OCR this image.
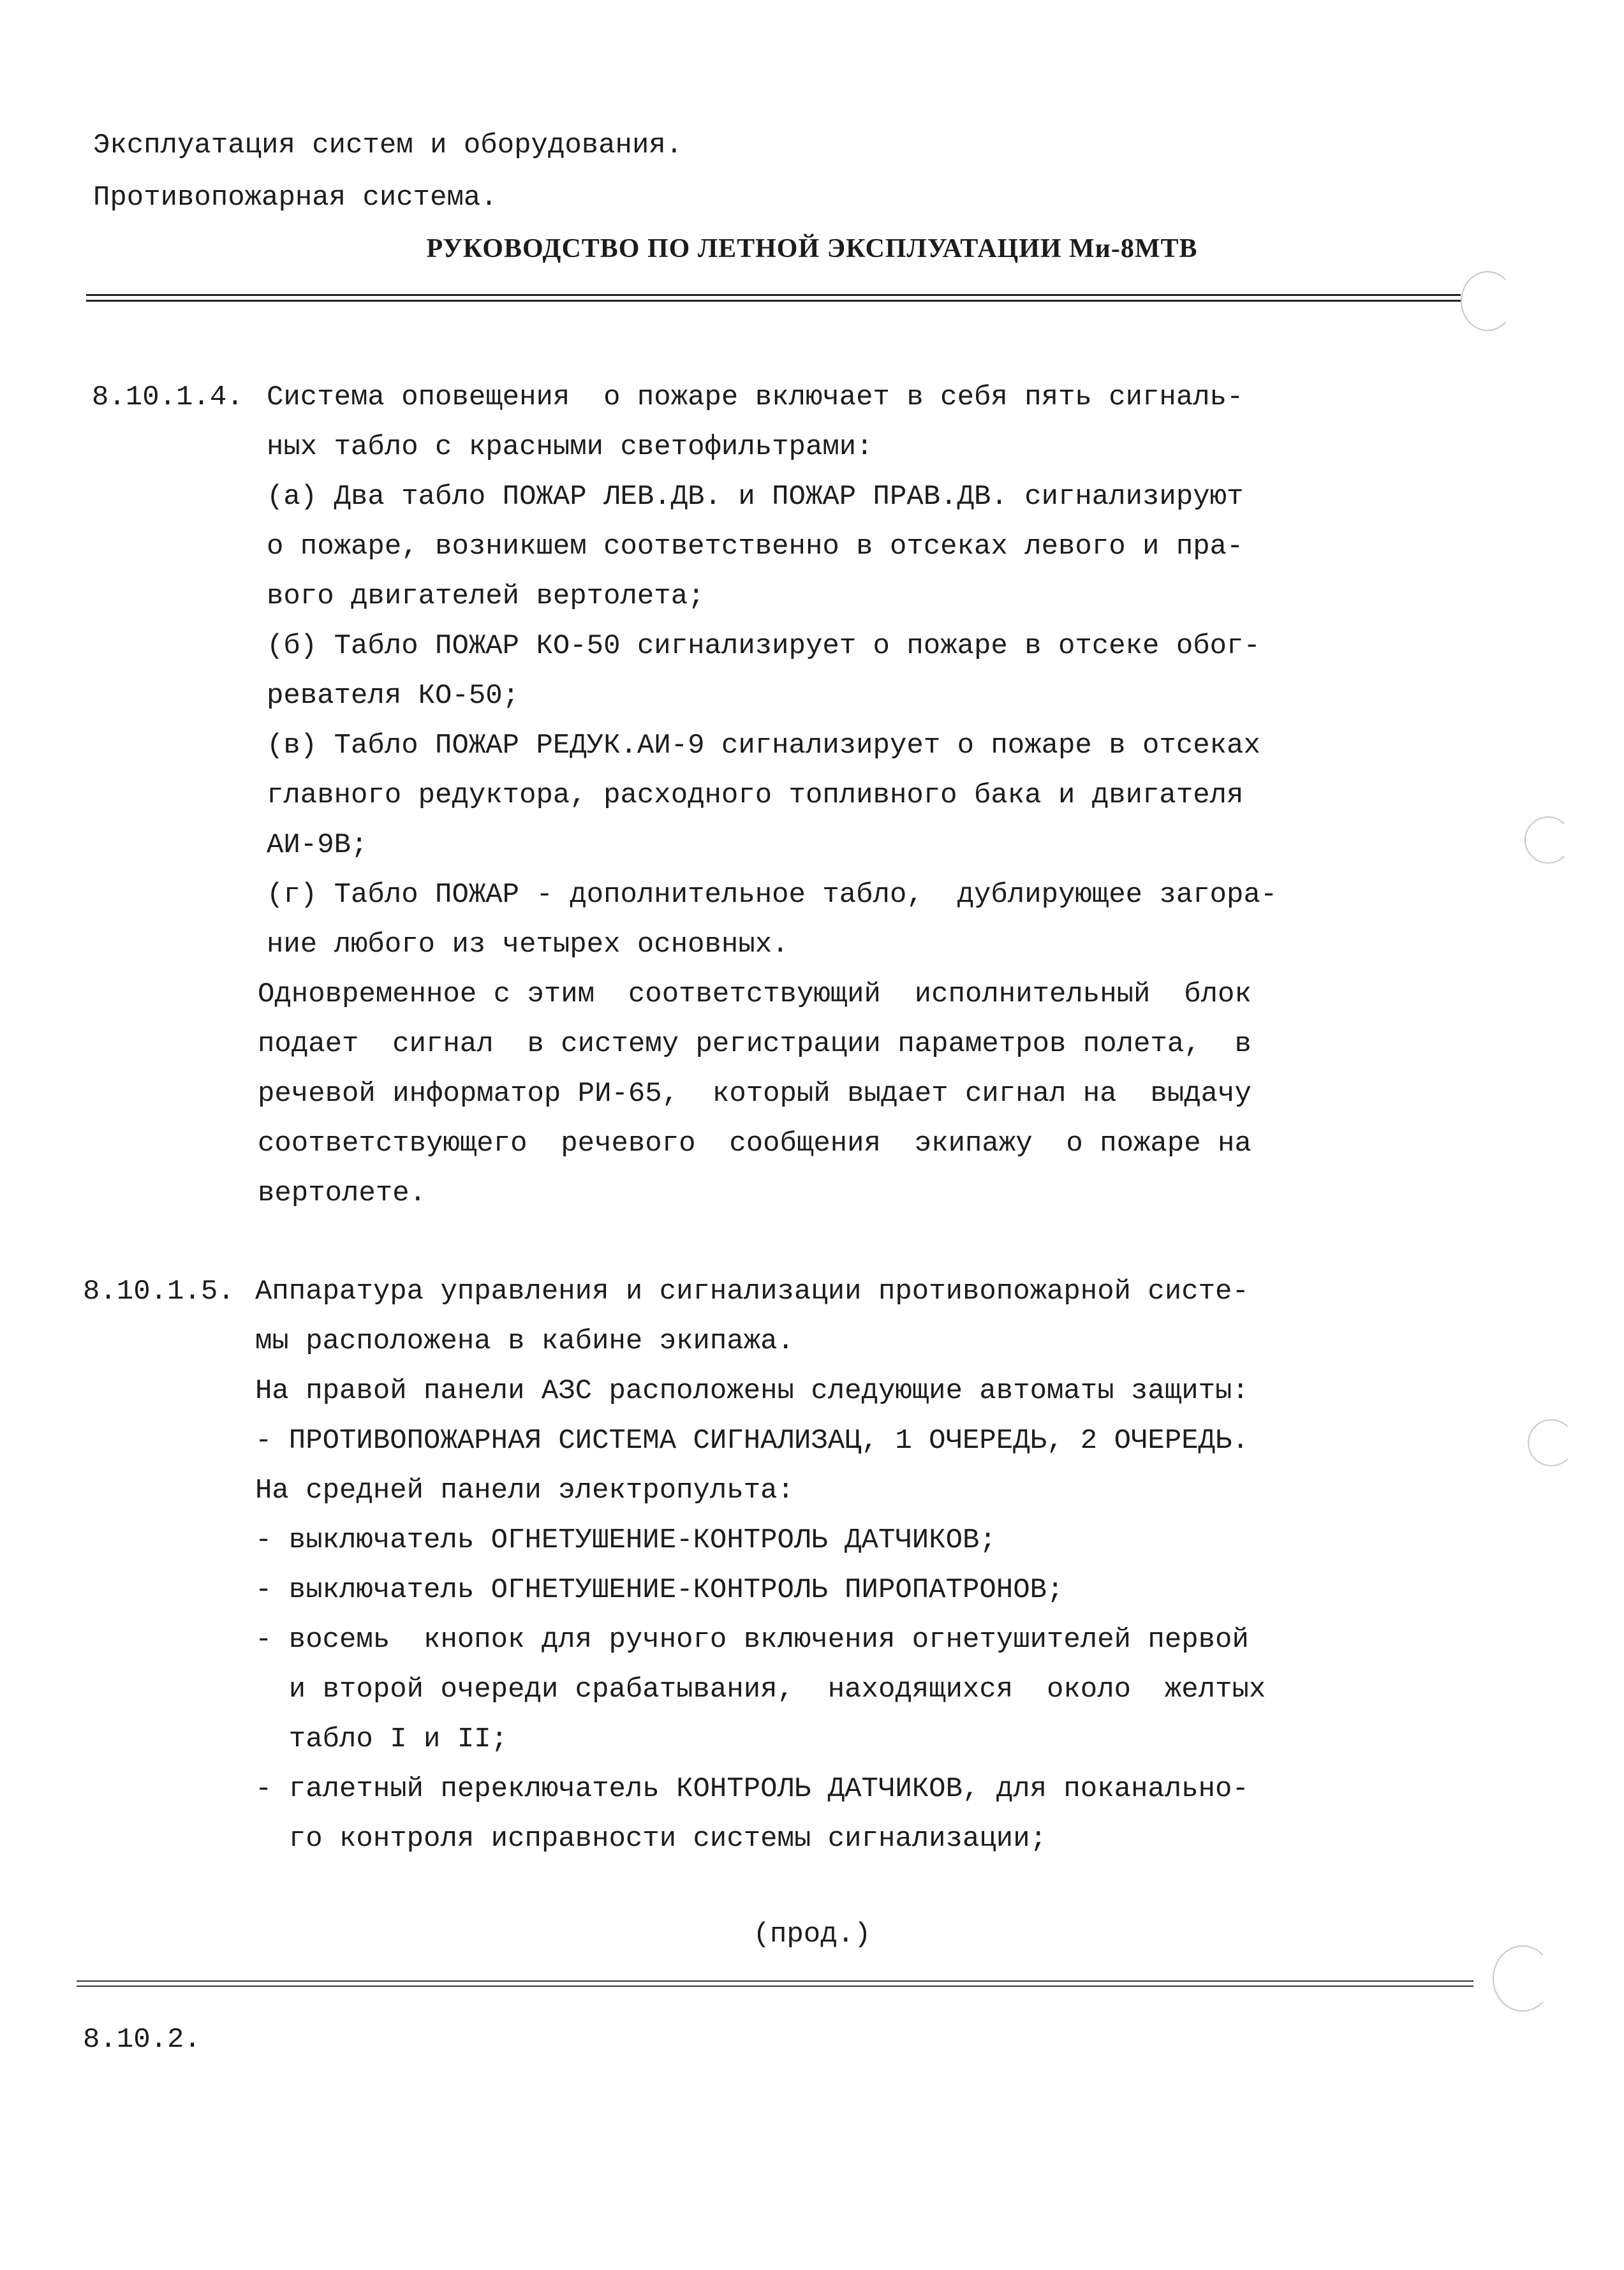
Эксплуатация систем и оборудования.
Противопожарная система.
РУКОВОДСТВО ПО ЛЕТНОЙ ЭКСПЛУАТАЦИИ Ми-8МТВ
8.10.1.4. Система оповещения  о пожаре включает в себя пять сигналь-
ных табло с красными светофильтрами:
(а) Два табло ПОЖАР ЛЕВ.ДВ. и ПОЖАР ПРАВ.ДВ. сигнализируют
о пожаре, возникшем соответственно в отсеках левого и пра-
вого двигателей вертолета;
(б) Табло ПОЖАР КО-50 сигнализирует о пожаре в отсеке обог-
ревателя КО-50;
(в) Табло ПОЖАР РЕДУК.АИ-9 сигнализирует о пожаре в отсеках
главного редуктора, расходного топливного бака и двигателя
АИ-9В;
(г) Табло ПОЖАР - дополнительное табло,  дублирующее загора-
ние любого из четырех основных.
Одновременное с этим  соответствующий  исполнительный  блок
подает  сигнал  в систему регистрации параметров полета,  в
речевой информатор РИ-65,  который выдает сигнал на  выдачу
соответствующего  речевого  сообщения  экипажу  о пожаре на
вертолете.
8.10.1.5. Аппаратура управления и сигнализации противопожарной систе-
мы расположена в кабине экипажа.
На правой панели АЗС расположены следующие автоматы защиты:
- ПРОТИВОПОЖАРНАЯ СИСТЕМА СИГНАЛИЗАЦ, 1 ОЧЕРЕДЬ, 2 ОЧЕРЕДЬ.
На средней панели электропульта:
- выключатель ОГНЕТУШЕНИЕ-КОНТРОЛЬ ДАТЧИКОВ;
- выключатель ОГНЕТУШЕНИЕ-КОНТРОЛЬ ПИРОПАТРОНОВ;
- восемь  кнопок для ручного включения огнетушителей первой
и второй очереди срабатывания,  находящихся  около  желтых
табло I и II;
- галетный переключатель КОНТРОЛЬ ДАТЧИКОВ, для поканально-
го контроля исправности системы сигнализации;
(прод.)
8.10.2.
